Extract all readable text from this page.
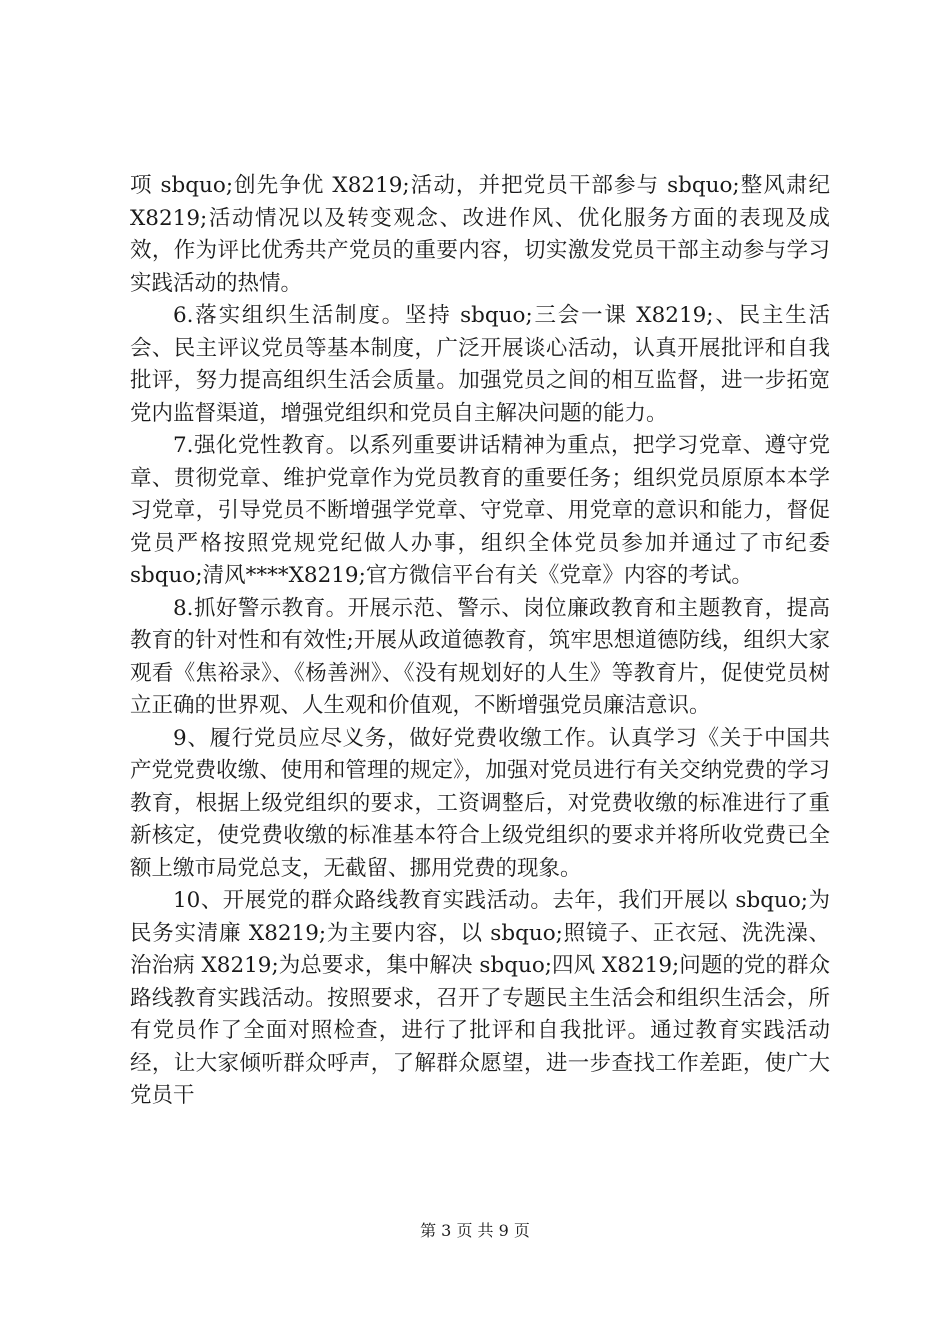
项 sbquo;创先争优 X8219;活动，并把党员干部参与 sbquo;整风肃纪 X8219;活动情况以及转变观念、改进作风、优化服务方面的表现及成效，作为评比优秀共产党员的重要内容，切实激发党员干部主动参与学习实践活动的热情。

6.落实组织生活制度。坚持 sbquo;三会一课 X8219;、民主生活会、民主评议党员等基本制度，广泛开展谈心活动，认真开展批评和自我批评，努力提高组织生活会质量。加强党员之间的相互监督，进一步拓宽党内监督渠道，增强党组织和党员自主解决问题的能力。

7.强化党性教育。以系列重要讲话精神为重点，把学习党章、遵守党章、贯彻党章、维护党章作为党员教育的重要任务；组织党员原原本本学习党章，引导党员不断增强学党章、守党章、用党章的意识和能力，督促党员严格按照党规党纪做人办事，组织全体党员参加并通过了市纪委 sbquo;清风****X8219;官方微信平台有关《党章》内容的考试。

8.抓好警示教育。开展示范、警示、岗位廉政教育和主题教育，提高教育的针对性和有效性;开展从政道德教育，筑牢思想道德防线，组织大家观看《焦裕录》、《杨善洲》、《没有规划好的人生》等教育片，促使党员树立正确的世界观、人生观和价值观，不断增强党员廉洁意识。

9、履行党员应尽义务，做好党费收缴工作。认真学习《关于中国共产党党费收缴、使用和管理的规定》，加强对党员进行有关交纳党费的学习教育，根据上级党组织的要求，工资调整后，对党费收缴的标准进行了重新核定，使党费收缴的标准基本符合上级党组织的要求并将所收党费已全额上缴市局党总支，无截留、挪用党费的现象。

10、开展党的群众路线教育实践活动。去年，我们开展以 sbquo;为民务实清廉 X8219;为主要内容，以 sbquo;照镜子、正衣冠、洗洗澡、治治病 X8219;为总要求，集中解决 sbquo;四风 X8219;问题的党的群众路线教育实践活动。按照要求，召开了专题民主生活会和组织生活会，所有党员作了全面对照检查，进行了批评和自我批评。通过教育实践活动经，让大家倾听群众呼声，了解群众愿望，进一步查找工作差距，使广大党员干

第 3 页 共 9 页
